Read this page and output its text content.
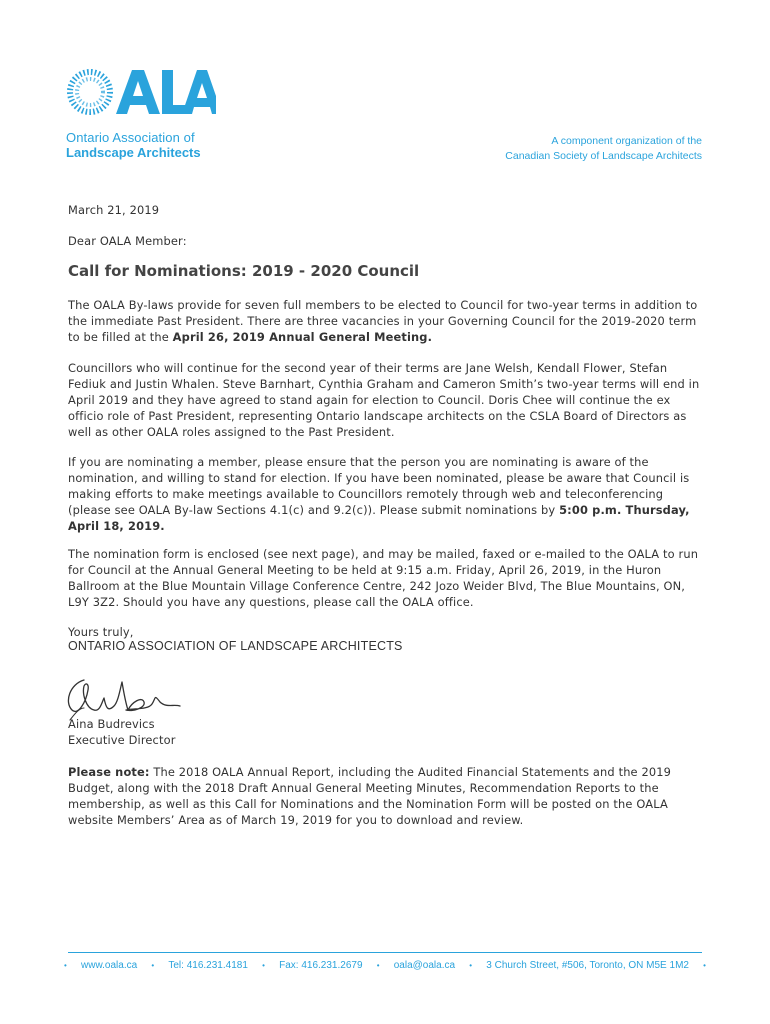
Ontario Association of
Landscape Architects
A component organization of the
Canadian Society of Landscape Architects
March 21, 2019
Dear OALA Member:
Call for Nominations: 2019 - 2020 Council

The OALA By-laws provide for seven full members to be elected to Council for two-year terms in addition to the immediate Past President. There are three vacancies in your Governing Council for the 2019-2020 term to be filled at the April 26, 2019 Annual General Meeting.

Councillors who will continue for the second year of their terms are Jane Welsh, Kendall Flower, Stefan Fediuk and Justin Whalen. Steve Barnhart, Cynthia Graham and Cameron Smith’s two-year terms will end in April 2019 and they have agreed to stand again for election to Council. Doris Chee will continue the ex officio role of Past President, representing Ontario landscape architects on the CSLA Board of Directors as well as other OALA roles assigned to the Past President.

If you are nominating a member, please ensure that the person you are nominating is aware of the nomination, and willing to stand for election. If you have been nominated, please be aware that Council is making efforts to make meetings available to Councillors remotely through web and teleconferencing (please see OALA By-law Sections 4.1(c) and 9.2(c)). Please submit nominations by 5:00 p.m. Thursday, April 18, 2019.

The nomination form is enclosed (see next page), and may be mailed, faxed or e-mailed to the OALA to run for Council at the Annual General Meeting to be held at 9:15 a.m. Friday, April 26, 2019, in the Huron Ballroom at the Blue Mountain Village Conference Centre, 242 Jozo Weider Blvd, The Blue Mountains, ON, L9Y 3Z2. Should you have any questions, please call the OALA office.

Yours truly,
ONTARIO ASSOCIATION OF LANDSCAPE ARCHITECTS
Aina Budrevics
Executive Director

Please note: The 2018 OALA Annual Report, including the Audited Financial Statements and the 2019 Budget, along with the 2018 Draft Annual General Meeting Minutes, Recommendation Reports to the membership, as well as this Call for Nominations and the Nomination Form will be posted on the OALA website Members’ Area as of March 19, 2019 for you to download and review.

• www.oala.ca • Tel: 416.231.4181 • Fax: 416.231.2679 • oala@oala.ca • 3 Church Street, #506, Toronto, ON M5E 1M2 •
